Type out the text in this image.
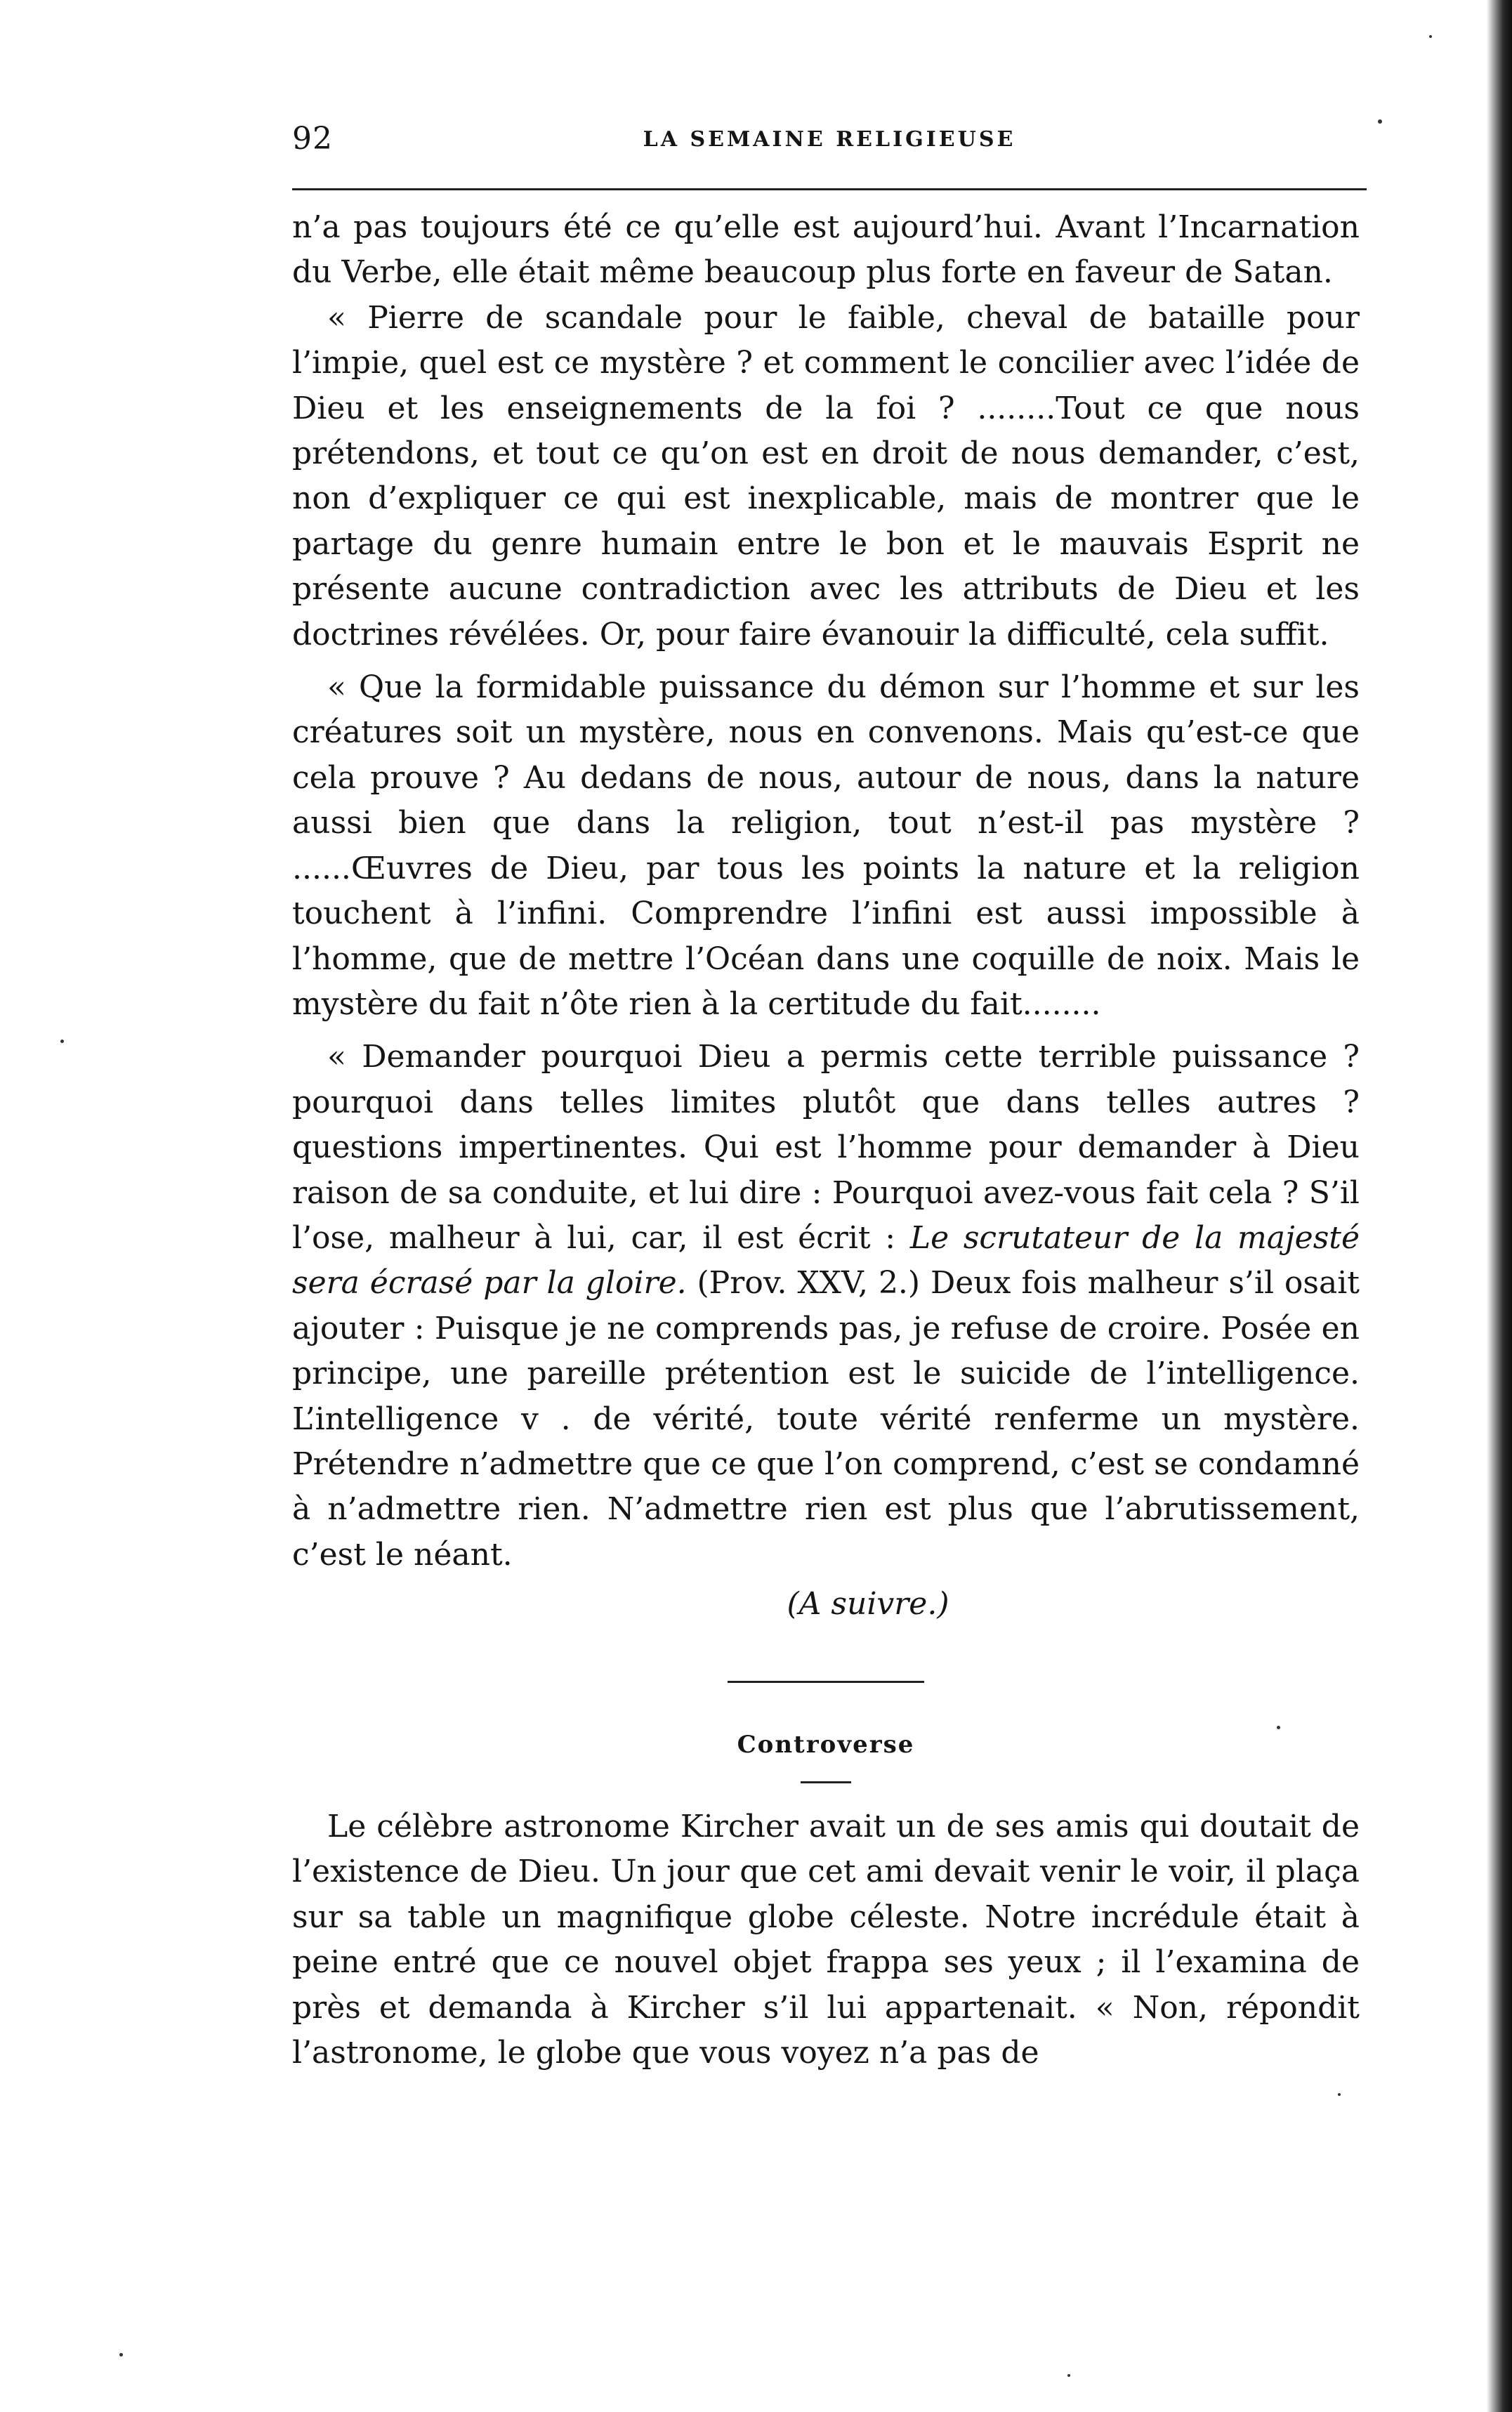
92	LA SEMAINE RELIGIEUSE

n’a pas toujours été ce qu’elle est aujourd’hui. Avant l’Incarnation du Verbe, elle était même beaucoup plus forte en faveur de Satan.

« Pierre de scandale pour le faible, cheval de bataille pour l’impie, quel est ce mystère ? et comment le concilier avec l’idée de Dieu et les enseignements de la foi ? ........Tout ce que nous prétendons, et tout ce qu’on est en droit de nous demander, c’est, non d’expliquer ce qui est inexplicable, mais de montrer que le partage du genre humain entre le bon et le mauvais Esprit ne présente aucune contradiction avec les attributs de Dieu et les doctrines révélées. Or, pour faire évanouir la difficulté, cela suffit.

« Que la formidable puissance du démon sur l’homme et sur les créatures soit un mystère, nous en convenons. Mais qu’est-ce que cela prouve ? Au dedans de nous, autour de nous, dans la nature aussi bien que dans la religion, tout n’est-il pas mystère ? ......Œuvres de Dieu, par tous les points la nature et la religion touchent à l’infini. Comprendre l’infini est aussi impossible à l’homme, que de mettre l’Océan dans une coquille de noix. Mais le mystère du fait n’ôte rien à la certitude du fait........

« Demander pourquoi Dieu a permis cette terrible puissance ? pourquoi dans telles limites plutôt que dans telles autres ? questions impertinentes. Qui est l’homme pour demander à Dieu raison de sa conduite, et lui dire : Pourquoi avez-vous fait cela ? S’il l’ose, malheur à lui, car, il est écrit : Le scrutateur de la majesté sera écrasé par la gloire. (Prov. XXV, 2.) Deux fois malheur s’il osait ajouter : Puisque je ne comprends pas, je refuse de croire. Posée en principe, une pareille prétention est le suicide de l’intelligence. L’intelligence v . de vérité, toute vérité renferme un mystère. Prétendre n’admettre que ce que l’on comprend, c’est se condamné à n’admettre rien. N’admettre rien est plus que l’abrutissement, c’est le néant.

(A suivre.)

Controverse

Le célèbre astronome Kircher avait un de ses amis qui doutait de l’existence de Dieu. Un jour que cet ami devait venir le voir, il plaça sur sa table un magnifique globe céleste. Notre incrédule était à peine entré que ce nouvel objet frappa ses yeux ; il l’examina de près et demanda à Kircher s’il lui appartenait. « Non, répondit l’astronome, le globe que vous voyez n’a pas de
